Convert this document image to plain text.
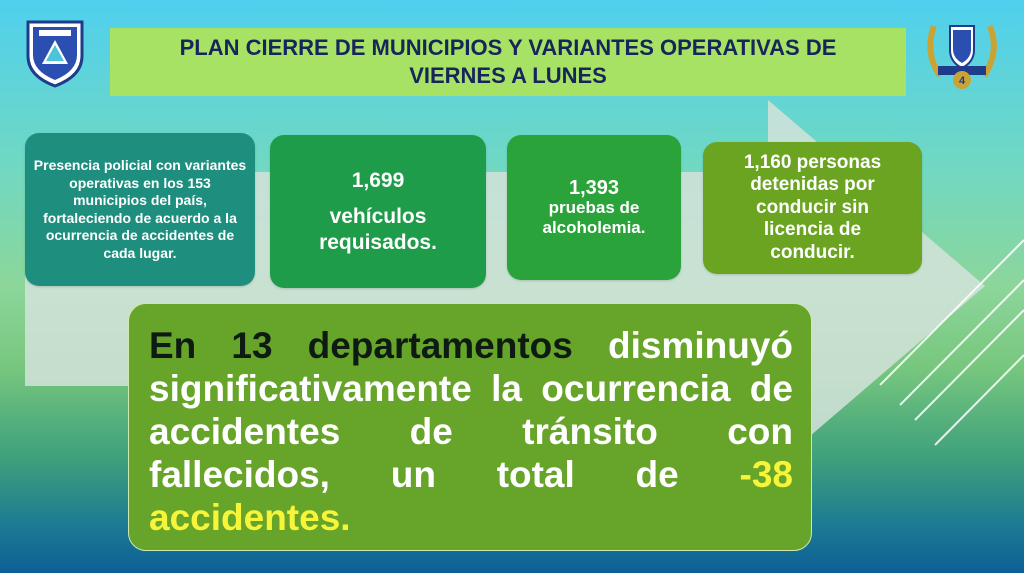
4
PLAN CIERRE DE MUNICIPIOS Y VARIANTES OPERATIVAS DE
VIERNES A LUNES
Presencia policial con variantes operativas en los 153 municipios del país, fortaleciendo de acuerdo a la ocurrencia de accidentes de cada lugar.
1,699
vehículos requisados.
1,393
pruebas de alcoholemia.
1,160 personas detenidas por conducir sin licencia de conducir.
En 13 departamentos disminuyó significativamente la ocurrencia de accidentes de tránsito con fallecidos, un total de -38 accidentes.
